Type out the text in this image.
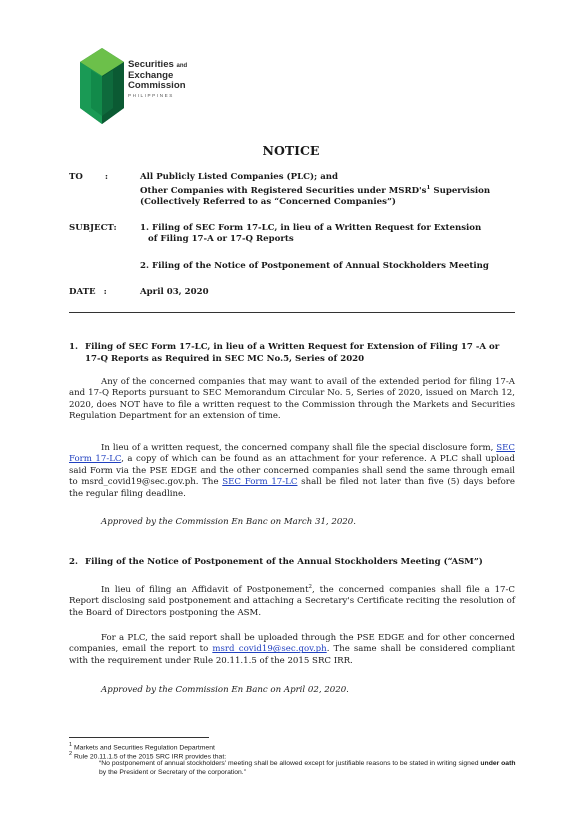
Securities and
Exchange
Commission
PHILIPPINES
NOTICE
TO	:	All Publicly Listed Companies (PLC); and
Other Companies with Registered Securities under $MSRD's^1$ Supervision
(Collectively Referred to as “Concerned Companies”)
SUBJECT:	1. Filing of SEC Form 17-LC, in lieu of a Written Request for Extension
of Filing 17-A or 17-Q Reports
2. Filing of the Notice of Postponement of Annual Stockholders Meeting
DATE :	April 03, 2020
1. Filing of SEC Form 17-LC, in lieu of a Written Request for Extension of Filing 17 -A or
17-Q Reports as Required in SEC MC No.5, Series of 2020
Any of the concerned companies that may want to avail of the extended period for filing 17-A and 17-Q Reports pursuant to SEC Memorandum Circular No. 5, Series of 2020, issued on March 12, 2020, does NOT have to file a written request to the Commission through the Markets and Securities Regulation Department for an extension of time.
In lieu of a written request, the concerned company shall file the special disclosure form, SEC Form 17-LC, a copy of which can be found as an attachment for your reference. A PLC shall upload said Form via the PSE EDGE and the other concerned companies shall send the same through email to msrd_covid19@sec.gov.ph. The SEC Form 17-LC shall be filed not later than five (5) days before the regular filing deadline.
Approved by the Commission En Banc on March 31, 2020.
2. Filing of the Notice of Postponement of the Annual Stockholders Meeting (“ASM”)
In lieu of filing an Affidavit of Postponement$^2$, the concerned companies shall file a 17-C Report disclosing said postponement and attaching a Secretary's Certificate reciting the resolution of the Board of Directors postponing the ASM.
For a PLC, the said report shall be uploaded through the PSE EDGE and for other concerned companies, email the report to msrd_covid19@sec.gov.ph. The same shall be considered compliant with the requirement under Rule 20.11.1.5 of the 2015 SRC IRR.
Approved by the Commission En Banc on April 02, 2020.
$^1$ Markets and Securities Regulation Department
$^2$ Rule 20.11.1.5 of the 2015 SRC IRR provides that:
“No postponement of annual stockholders' meeting shall be allowed except for justifiable reasons to be stated in writing signed under oath by the President or Secretary of the corporation.”
